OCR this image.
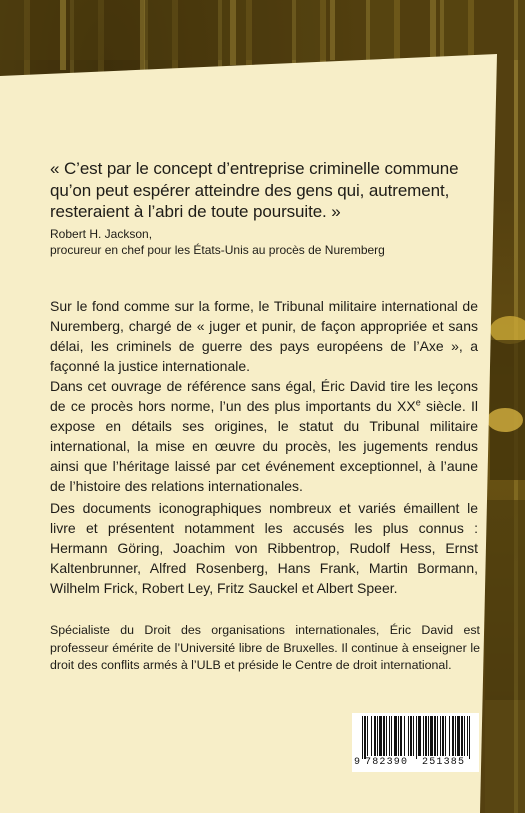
« C’est par le concept d’entreprise criminelle commune qu’on peut espérer atteindre des gens qui, autrement, resteraient à l’abri de toute poursuite. »
Robert H. Jackson,
procureur en chef pour les États-Unis au procès de Nuremberg
Sur le fond comme sur la forme, le Tribunal militaire international de Nuremberg, chargé de « juger et punir, de façon appropriée et sans délai, les criminels de guerre des pays européens de l’Axe », a façonné la justice internationale.
Dans cet ouvrage de référence sans égal, Éric David tire les leçons de ce procès hors norme, l’un des plus importants du XXe siècle. Il expose en détails ses origines, le statut du Tribunal militaire international, la mise en œuvre du procès, les jugements rendus ainsi que l’héritage laissé par cet événement exceptionnel, à l’aune de l’histoire des relations internationales.
Des documents iconographiques nombreux et variés émaillent le livre et présentent notamment les accusés les plus connus : Hermann Göring, Joachim von Ribbentrop, Rudolf Hess, Ernst Kaltenbrunner, Alfred Rosenberg, Hans Frank, Martin Bormann, Wilhelm Frick, Robert Ley, Fritz Sauckel et Albert Speer.
Spécialiste du Droit des organisations internationales, Éric David est professeur émérite de l’Université libre de Bruxelles. Il continue à enseigner le droit des conflits armés à l’ULB et préside le Centre de droit international.
9 782390 251385
